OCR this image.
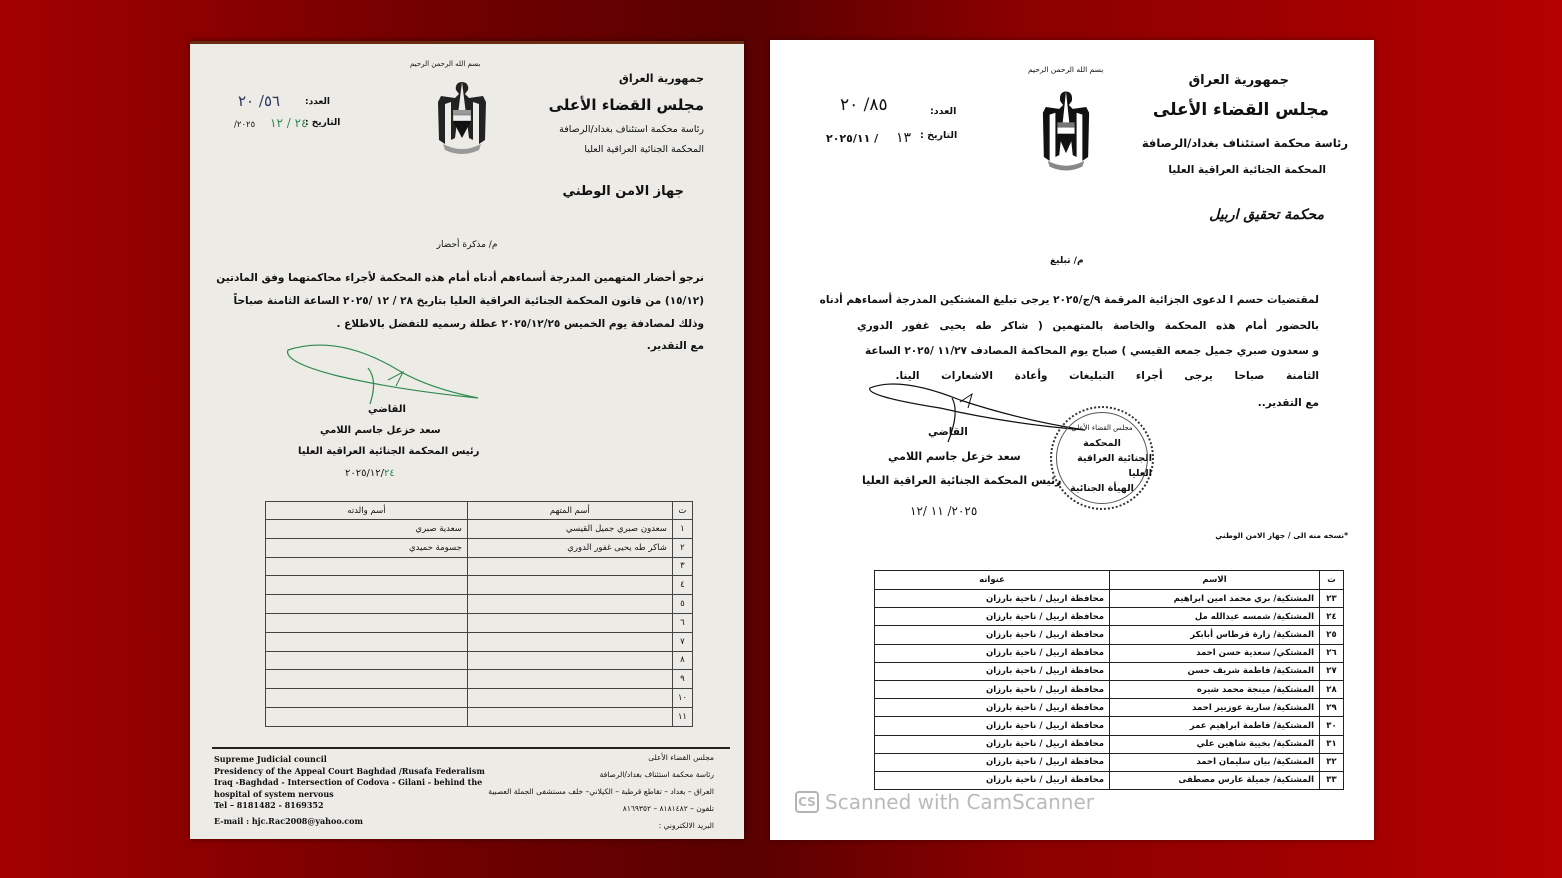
بسم الله الرحمن الرحيم
جمهورية العراق
مجلس القضاء الأعلى
رئاسة محكمة استئناف بغداد/الرصافة
المحكمة الجنائية العراقية العليا
العدد:
٥٦/ ٢٠
التاريخ :
٢٤ / ١٢
٢٠٢٥/
جهاز الامن الوطني
م/ مذكرة أحضار
نرجو أحضار المتهمين المدرجة أسماءهم أدناه أمام هذه المحكمة لأجراء محاكمتهما وفق المادتين
(١٥/١٢) من قانون المحكمة الجنائية العراقية العليا بتاريخ ٢٨ / ١٢ /٢٠٢٥ الساعة الثامنة صباحاً
وذلك لمصادفة يوم الخميس ٢٠٢٥/١٢/٢٥ عطلة رسميه للتفضل بالاطلاع .
مع التقدير.
القاضي
سعد خزعل جاسم اللامي
رئيس المحكمة الجنائية العراقية العليا
٢٠٢٥/١٢/٢٤
ت	أسم المتهم	أسم والدته
١	سعدون صبري جميل القيسي	سعدية صبري
٢	شاكر طه يحيى غفور الدوري	جسومة حميدي
٣		
٤		
٥		
٦		
٧		
٨		
٩		
١٠		
١١		
Supreme Judicial council
Presidency of the Appeal Court Baghdad /Rusafa Federalism
Iraq -Baghdad - Intersection of Codova - Gilani - behind the
hospital of system nervous
Tel – 8181482 - 8169352
E-mail : hjc.Rac2008@yahoo.com
مجلس القضاء الأعلى
رئاسة محكمة استئناف بغداد/الرصافة
العراق – بغداد – تقاطع قرطبة – الكيلاني– خلف مستشفى الجملة العصبية
تلفون – ٨١٨١٤٨٢ – ٨١٦٩٣٥٢
البريد الالكتروني :
بسم الله الرحمن الرحيم
جمهورية العراق
مجلس القضاء الأعلى
رئاسة محكمة استئناف بغداد/الرصافة
المحكمة الجنائية العراقية العليا
العدد:
٨٥/ ٢٠
التاريخ :
١٣
/ ٢٠٢٥/١١
محكمة تحقيق اربيل
م/ تبليغ
لمقتضيات حسم ا لدعوى الجزائية المرقمة ٩/ج/٢٠٢٥ يرجى تبليغ المشتكين المدرجة أسماءهم أدناه
بالحضور أمام هذه المحكمة والخاصة بالمتهمين ( شاكر طه يحيى غفور الدوري
و سعدون صبري جميل جمعه القيسي ) صباح يوم المحاكمة المصادف ١١/٢٧ /٢٠٢٥ الساعة
الثامنة صباحا يرجى أجراء التبليغات وأعادة الاشعارات الينا.
مع التقدير..
مجلس القضاء الأعلى
المحكمة
الجنائية العراقية العليا
الهيأة الجنائية
القاضي
سعد خزعل جاسم اللامي
رئيس المحكمة الجنائية العراقية العليا
٢٠٢٥/ ١١ /١٢
*نسخه منه الى / جهاز الامن الوطني
ت	الاسم	عنوانه
٢٣	المشتكية/ بري محمد امين ابراهيم	محافظة اربيل / ناحية بارزان
٢٤	المشتكية/ شمسه عبدالله مل	محافظة اربيل / ناحية بارزان
٢٥	المشتكية/ زارة قرطاس أبابكر	محافظة اربيل / ناحية بارزان
٢٦	المشتكي/ سعدية حسن احمد	محافظة اربيل / ناحية بارزان
٢٧	المشتكية/ فاطمة شريف حسن	محافظة اربيل / ناحية بارزان
٢٨	المشتكية/ مينجة محمد شيره	محافظة اربيل / ناحية بارزان
٢٩	المشتكية/ سارية عوزبير احمد	محافظة اربيل / ناحية بارزان
٣٠	المشتكية/ فاطمة ابراهيم عمر	محافظة اربيل / ناحية بارزان
٣١	المشتكية/ بخيية شاهين علي	محافظة اربيل / ناحية بارزان
٣٢	المشتكية/ بيان سليمان احمد	محافظة اربيل / ناحية بارزان
٣٣	المشتكية/ جميلة عارس مصطفى	محافظة اربيل / ناحية بارزان
CS Scanned with CamScanner
